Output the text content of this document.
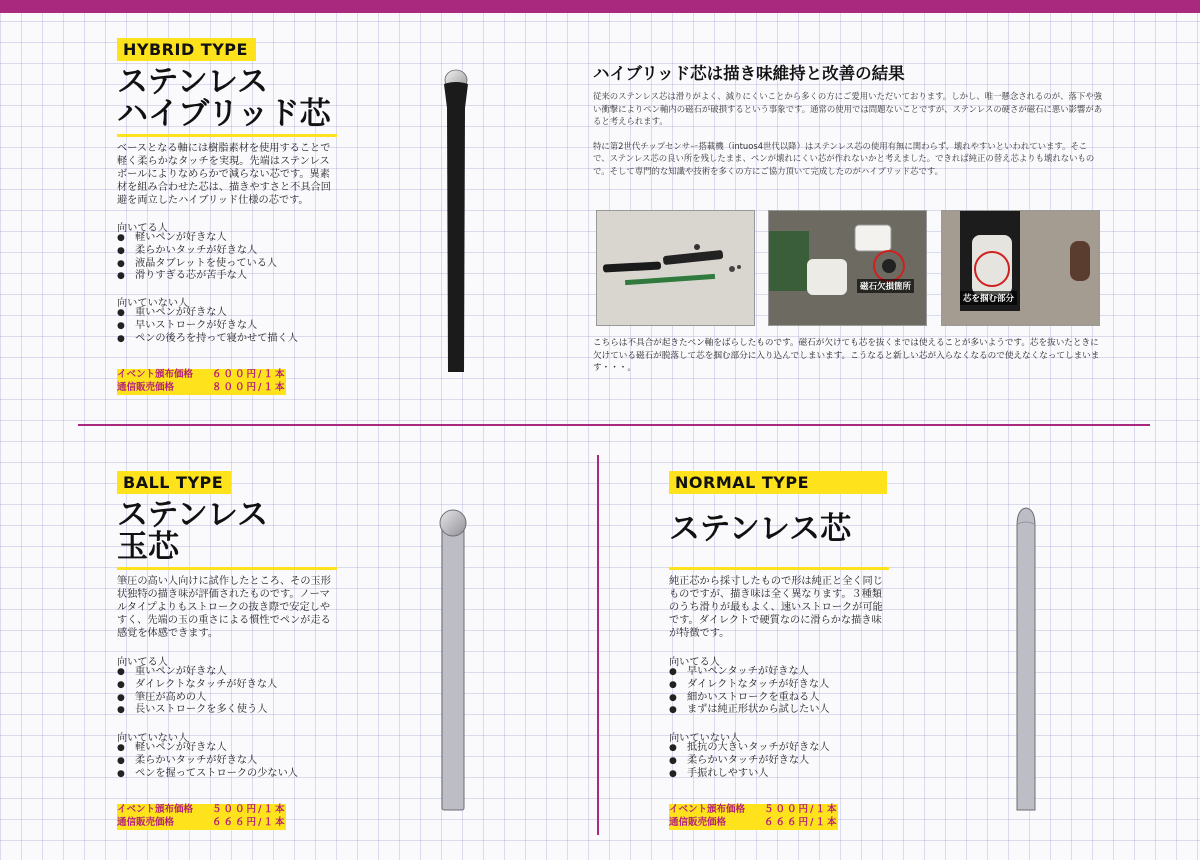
HYBRID TYPE
ステンレス
ハイブリッド芯
ベースとなる軸には樹脂素材を使用することで軽く柔らかなタッチを実現。先端はステンレスボールによりなめらかで減らない芯です。異素材を組み合わせた芯は、描きやすさと不具合回避を両立したハイブリッド仕様の芯です。
向いてる人
● 軽いペンが好きな人
● 柔らかいタッチが好きな人
● 液晶タブレットを使っている人
● 滑りすぎる芯が苦手な人
向いていない人
● 重いペンが好きな人
● 早いストロークが好きな人
● ペンの後ろを持って寝かせて描く人
イベント頒布価格	６００円/１本
通信販売価格	８００円/１本
ハイブリッド芯は描き味維持と改善の結果

従来のステンレス芯は滑りがよく、減りにくいことから多くの方にご愛用いただいております。しかし、唯一懸念されるのが、落下や強い衝撃によりペン軸内の磁石が破損するという事象です。通常の使用では問題ないことですが、ステンレスの硬さが磁石に悪い影響があると考えられます。

特に第2世代チップセンサー搭載機（intuos4世代以降）はステンレス芯の使用有無に関わらず、壊れやすいといわれています。そこで、ステンレス芯の良い所を残したまま、ペンが壊れにくい芯が作れないかと考えました。できれば純正の替え芯よりも壊れないもので。そして専門的な知識や技術を多くの方にご協力頂いて完成したのがハイブリッド芯です。

磁石欠損箇所
芯を掴む部分
こちらは不具合が起きたペン軸をばらしたものです。磁石が欠けても芯を抜くまでは使えることが多いようです。芯を抜いたときに欠けている磁石が脱落して芯を掴む部分に入り込んでしまいます。こうなると新しい芯が入らなくなるので使えなくなってしまいます・・・。
BALL TYPE
ステンレス
玉芯
筆圧の高い人向けに試作したところ、その玉形状独特の描き味が評価されたものです。ノーマルタイプよりもストロークの抜き際で安定しやすく、先端の玉の重さによる慣性でペンが走る感覚を体感できます。
向いてる人
● 重いペンが好きな人
● ダイレクトなタッチが好きな人
● 筆圧が高めの人
● 長いストロークを多く使う人
向いていない人
● 軽いペンが好きな人
● 柔らかいタッチが好きな人
● ペンを握ってストロークの少ない人
イベント頒布価格	５００円/１本
通信販売価格	６６６円/１本
NORMAL TYPE
ステンレス芯
純正芯から採寸したもので形は純正と全く同じものですが、描き味は全く異なります。３種類のうち滑りが最もよく、速いストロークが可能です。ダイレクトで硬質なのに滑らかな描き味が特徴です。
向いてる人
● 早いペンタッチが好きな人
● ダイレクトなタッチが好きな人
● 細かいストロークを重ねる人
● まずは純正形状から試したい人
向いていない人
● 抵抗の大きいタッチが好きな人
● 柔らかいタッチが好きな人
● 手振れしやすい人
イベント頒布価格	５００円/１本
通信販売価格	６６６円/１本
